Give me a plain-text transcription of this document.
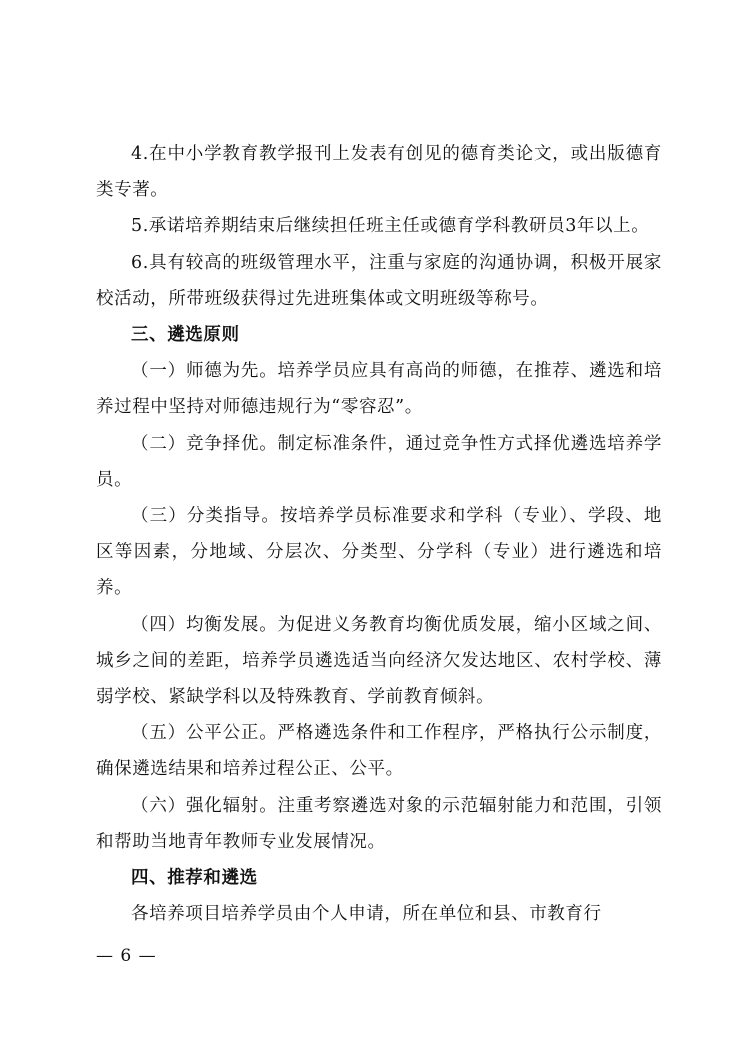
4.在中小学教育教学报刊上发表有创见的德育类论文，或出版德育类专著。

5.承诺培养期结束后继续担任班主任或德育学科教研员3年以上。

6.具有较高的班级管理水平，注重与家庭的沟通协调，积极开展家校活动，所带班级获得过先进班集体或文明班级等称号。

三、遴选原则

（一）师德为先。培养学员应具有高尚的师德，在推荐、遴选和培养过程中坚持对师德违规行为“零容忍”。

（二）竞争择优。制定标准条件，通过竞争性方式择优遴选培养学员。

（三）分类指导。按培养学员标准要求和学科（专业）、学段、地区等因素，分地域、分层次、分类型、分学科（专业）进行遴选和培养。

（四）均衡发展。为促进义务教育均衡优质发展，缩小区域之间、城乡之间的差距，培养学员遴选适当向经济欠发达地区、农村学校、薄弱学校、紧缺学科以及特殊教育、学前教育倾斜。

（五）公平公正。严格遴选条件和工作程序，严格执行公示制度，确保遴选结果和培养过程公正、公平。

（六）强化辐射。注重考察遴选对象的示范辐射能力和范围，引领和帮助当地青年教师专业发展情况。

四、推荐和遴选

各培养项目培养学员由个人申请，所在单位和县、市教育行

— 6 —
